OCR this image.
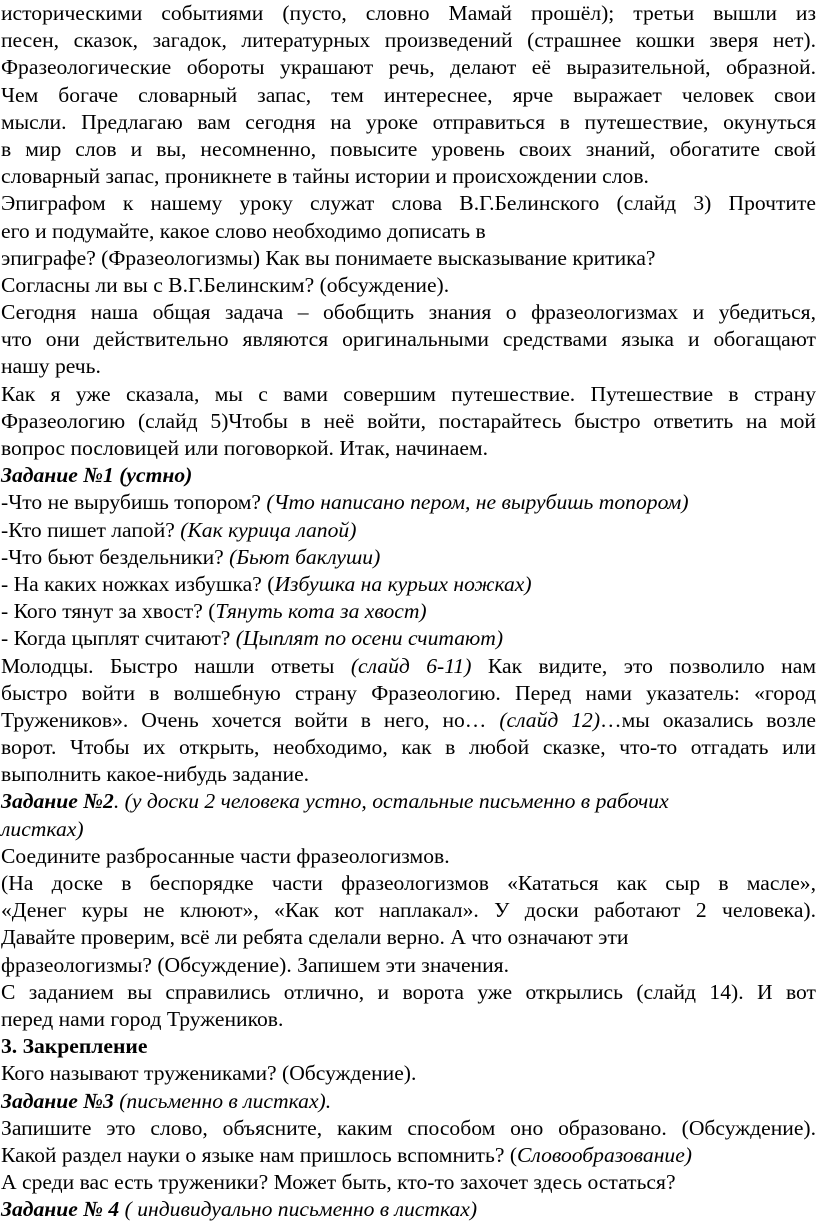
историческими событиями (пусто, словно Мамай прошёл); третьи вышли из
песен, сказок, загадок, литературных произведений (страшнее кошки зверя нет).
Фразеологические обороты украшают речь, делают её выразительной, образной.
Чем богаче словарный запас, тем интереснее, ярче выражает человек свои
мысли. Предлагаю вам сегодня на уроке отправиться в путешествие, окунуться
в мир слов и вы, несомненно, повысите уровень своих знаний, обогатите свой
словарный запас, проникнете в тайны истории и происхождении слов.
Эпиграфом к нашему уроку служат слова В.Г.Белинского (слайд 3) Прочтите
его и подумайте, какое слово необходимо дописать в
эпиграфе? (Фразеологизмы) Как вы понимаете высказывание критика?
Согласны ли вы с В.Г.Белинским? (обсуждение).
Сегодня наша общая задача – обобщить знания о фразеологизмах и убедиться,
что они действительно являются оригинальными средствами языка и обогащают
нашу речь.
Как я уже сказала, мы с вами совершим путешествие. Путешествие в страну
Фразеологию (слайд 5)Чтобы в неё войти, постарайтесь быстро ответить на мой
вопрос пословицей или поговоркой. Итак, начинаем.
Задание №1 (устно)
-Что не вырубишь топором? (Что написано пером, не вырубишь топором)
-Кто пишет лапой? (Как курица лапой)
-Что бьют бездельники? (Бьют баклуши)
- На каких ножках избушка? (Избушка на курьих ножках)
- Кого тянут за хвост? (Тянуть кота за хвост)
- Когда цыплят считают? (Цыплят по осени считают)
Молодцы. Быстро нашли ответы (слайд 6-11) Как видите, это позволило нам
быстро войти в волшебную страну Фразеологию. Перед нами указатель: «город
Тружеников». Очень хочется войти в него, но… (слайд 12)…мы оказались возле
ворот. Чтобы их открыть, необходимо, как в любой сказке, что-то отгадать или
выполнить какое-нибудь задание.
Задание №2. (у доски 2 человека устно, остальные письменно в рабочих
листках)
Соедините разбросанные части фразеологизмов.
(На доске в беспорядке части фразеологизмов «Кататься как сыр в масле»,
«Денег куры не клюют», «Как кот наплакал». У доски работают 2 человека).
Давайте проверим, всё ли ребята сделали верно. А что означают эти
фразеологизмы? (Обсуждение). Запишем эти значения.
С заданием вы справились отлично, и ворота уже открылись (слайд 14). И вот
перед нами город Тружеников.
3. Закрепление
Кого называют тружениками? (Обсуждение).
Задание №3 (письменно в листках).
Запишите это слово, объясните, каким способом оно образовано. (Обсуждение).
Какой раздел науки о языке нам пришлось вспомнить? (Словообразование)
А среди вас есть труженики? Может быть, кто-то захочет здесь остаться?
Задание № 4 ( индивидуально письменно в листках)
